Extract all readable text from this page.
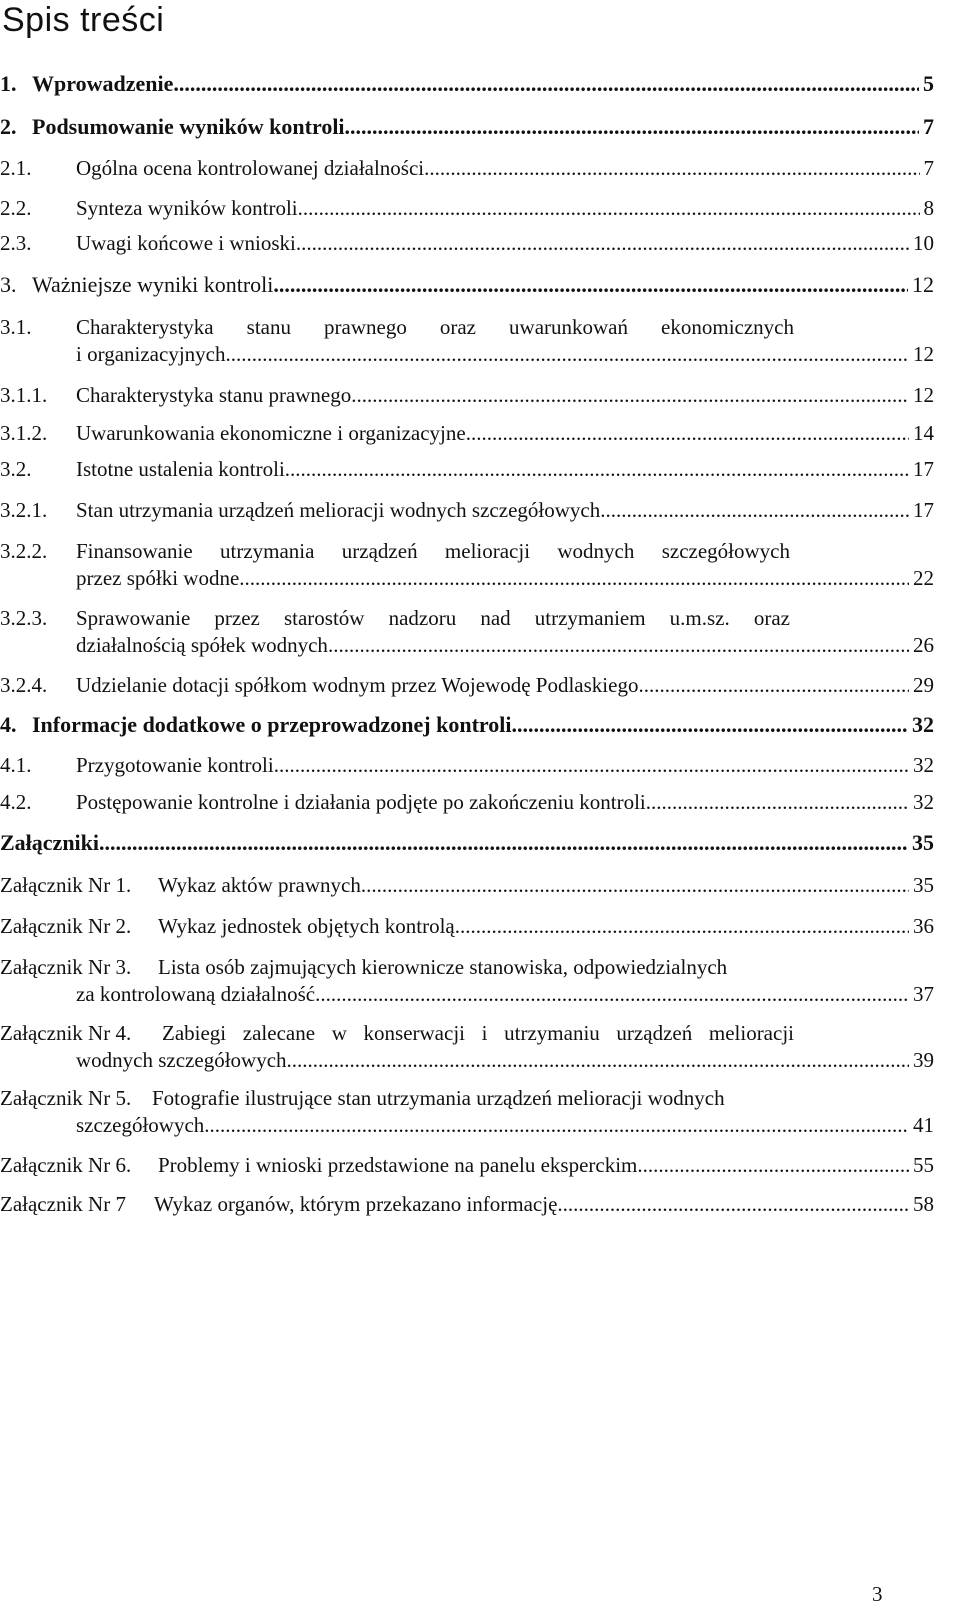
Spis treści
1. Wprowadzenie .....	5
2. Podsumowanie wyników kontroli .....	7
2.1.	Ogólna ocena kontrolowanej działalności .....	7
2.2.	Synteza wyników kontroli .....	8
2.3.	Uwagi końcowe i wnioski .....	10
3. Ważniejsze wyniki kontroli .....	12
3.1.	Charakterystyka stanu prawnego oraz uwarunkowań ekonomicznych
i organizacyjnych .....	12
3.1.1.	Charakterystyka stanu prawnego .....	12
3.1.2.	Uwarunkowania ekonomiczne i organizacyjne .....	14
3.2.	Istotne ustalenia kontroli .....	17
3.2.1.	Stan utrzymania urządzeń melioracji wodnych szczegółowych .....	17
3.2.2.	Finansowanie utrzymania urządzeń melioracji wodnych szczegółowych
przez spółki wodne .....	22
3.2.3.	Sprawowanie przez starostów nadzoru nad utrzymaniem u.m.sz. oraz
działalnością spółek wodnych .....	26
3.2.4.	Udzielanie dotacji spółkom wodnym przez Wojewodę Podlaskiego .....	29
4. Informacje dodatkowe o przeprowadzonej kontroli .....	32
4.1.	Przygotowanie kontroli .....	32
4.2.	Postępowanie kontrolne i działania podjęte po zakończeniu kontroli .....	32
Załączniki .....	35
Załącznik Nr 1.	Wykaz aktów prawnych .....	35
Załącznik Nr 2.	Wykaz jednostek objętych kontrolą .....	36
Załącznik Nr 3.	Lista osób zajmujących kierownicze stanowiska, odpowiedzialnych
za kontrolowaną działalność .....	37
Załącznik Nr 4.	Zabiegi zalecane w konserwacji i utrzymaniu urządzeń melioracji
wodnych szczegółowych. .....	39
Załącznik Nr 5. Fotografie ilustrujące stan utrzymania urządzeń melioracji wodnych
szczegółowych. .....	41
Załącznik Nr 6.	Problemy i wnioski przedstawione na panelu eksperckim .....	55
Załącznik Nr 7	Wykaz organów, którym przekazano informację .....	58
3
